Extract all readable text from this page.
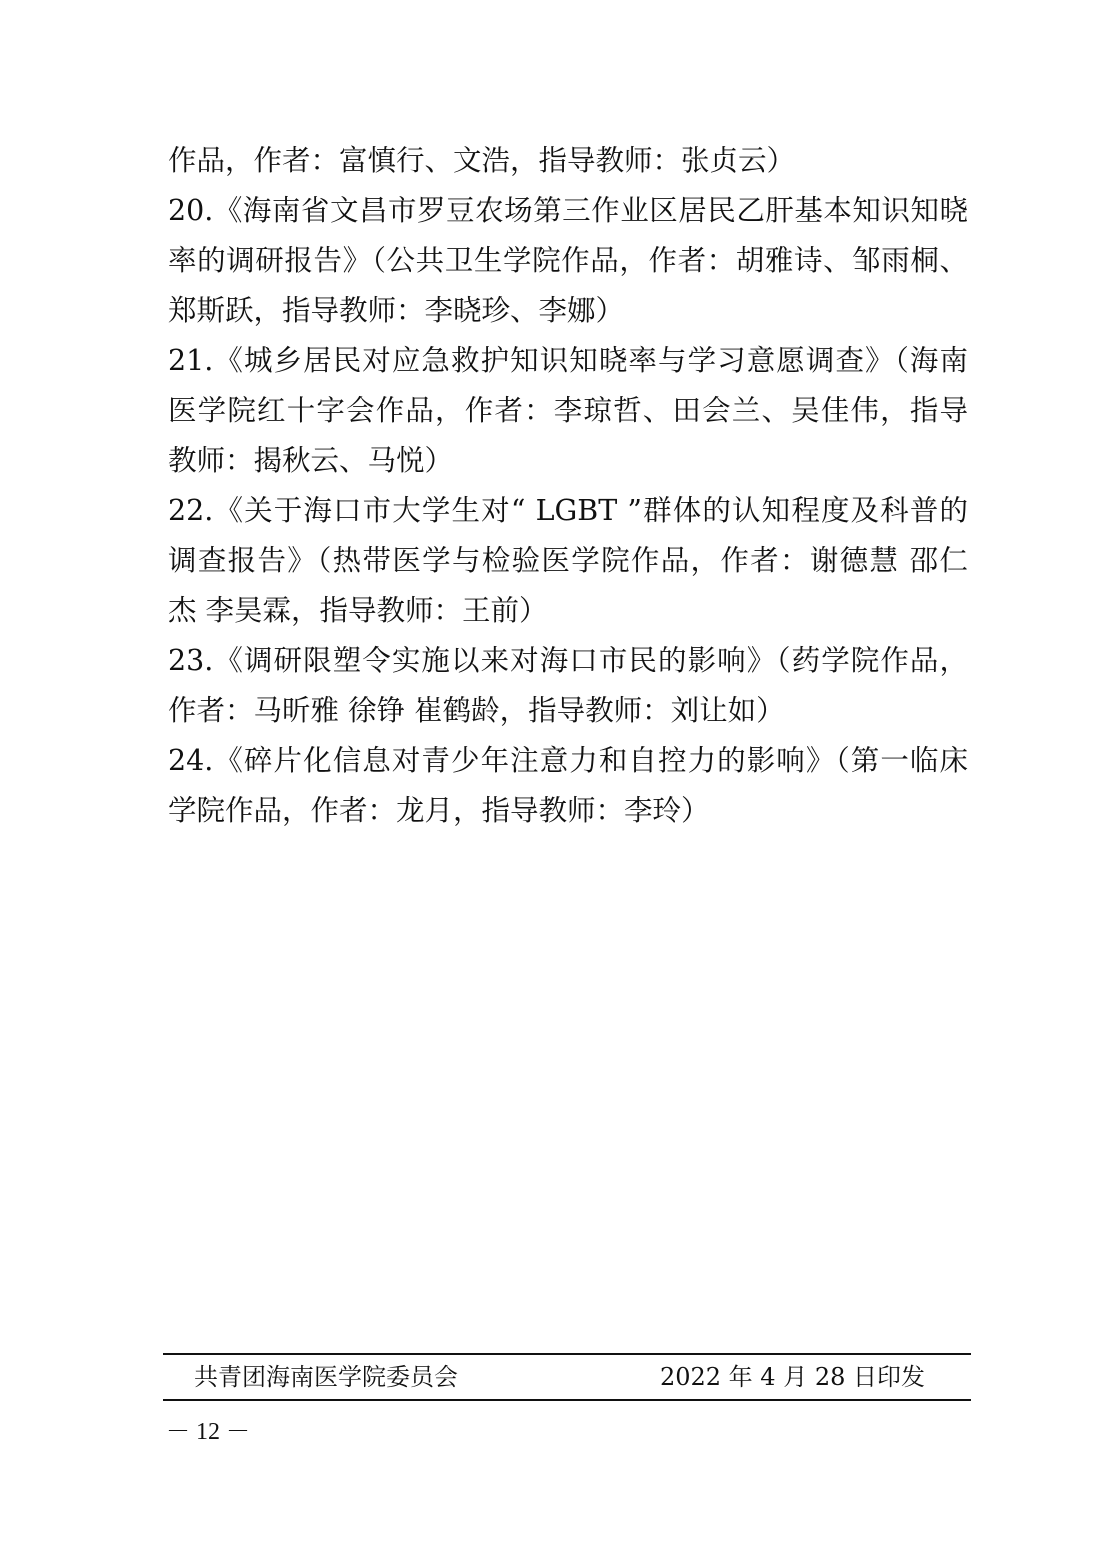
作品，作者：富慎行、文浩，指导教师：张贞云）
20.《海南省文昌市罗豆农场第三作业区居民乙肝基本知识知晓
率的调研报告》（公共卫生学院作品，作者：胡雅诗、邹雨桐、
郑斯跃，指导教师：李晓珍、李娜）
21.《城乡居民对应急救护知识知晓率与学习意愿调查》（海南
医学院红十字会作品，作者：李琼哲、田会兰、吴佳伟，指导
教师：揭秋云、马悦）
22.《关于海口市大学生对“ LGBT ”群体的认知程度及科普的
调查报告》（热带医学与检验医学院作品，作者：谢德慧 邵仁
杰 李昊霖，指导教师：王前）
23.《调研限塑令实施以来对海口市民的影响》（药学院作品，
作者：马昕雅 徐铮 崔鹤龄，指导教师：刘让如）
24.《碎片化信息对青少年注意力和自控力的影响》（第一临床
学院作品，作者：龙月，指导教师：李玲）
共青团海南医学院委员会	2022 年 4 月 28 日印发
－ 12 －
